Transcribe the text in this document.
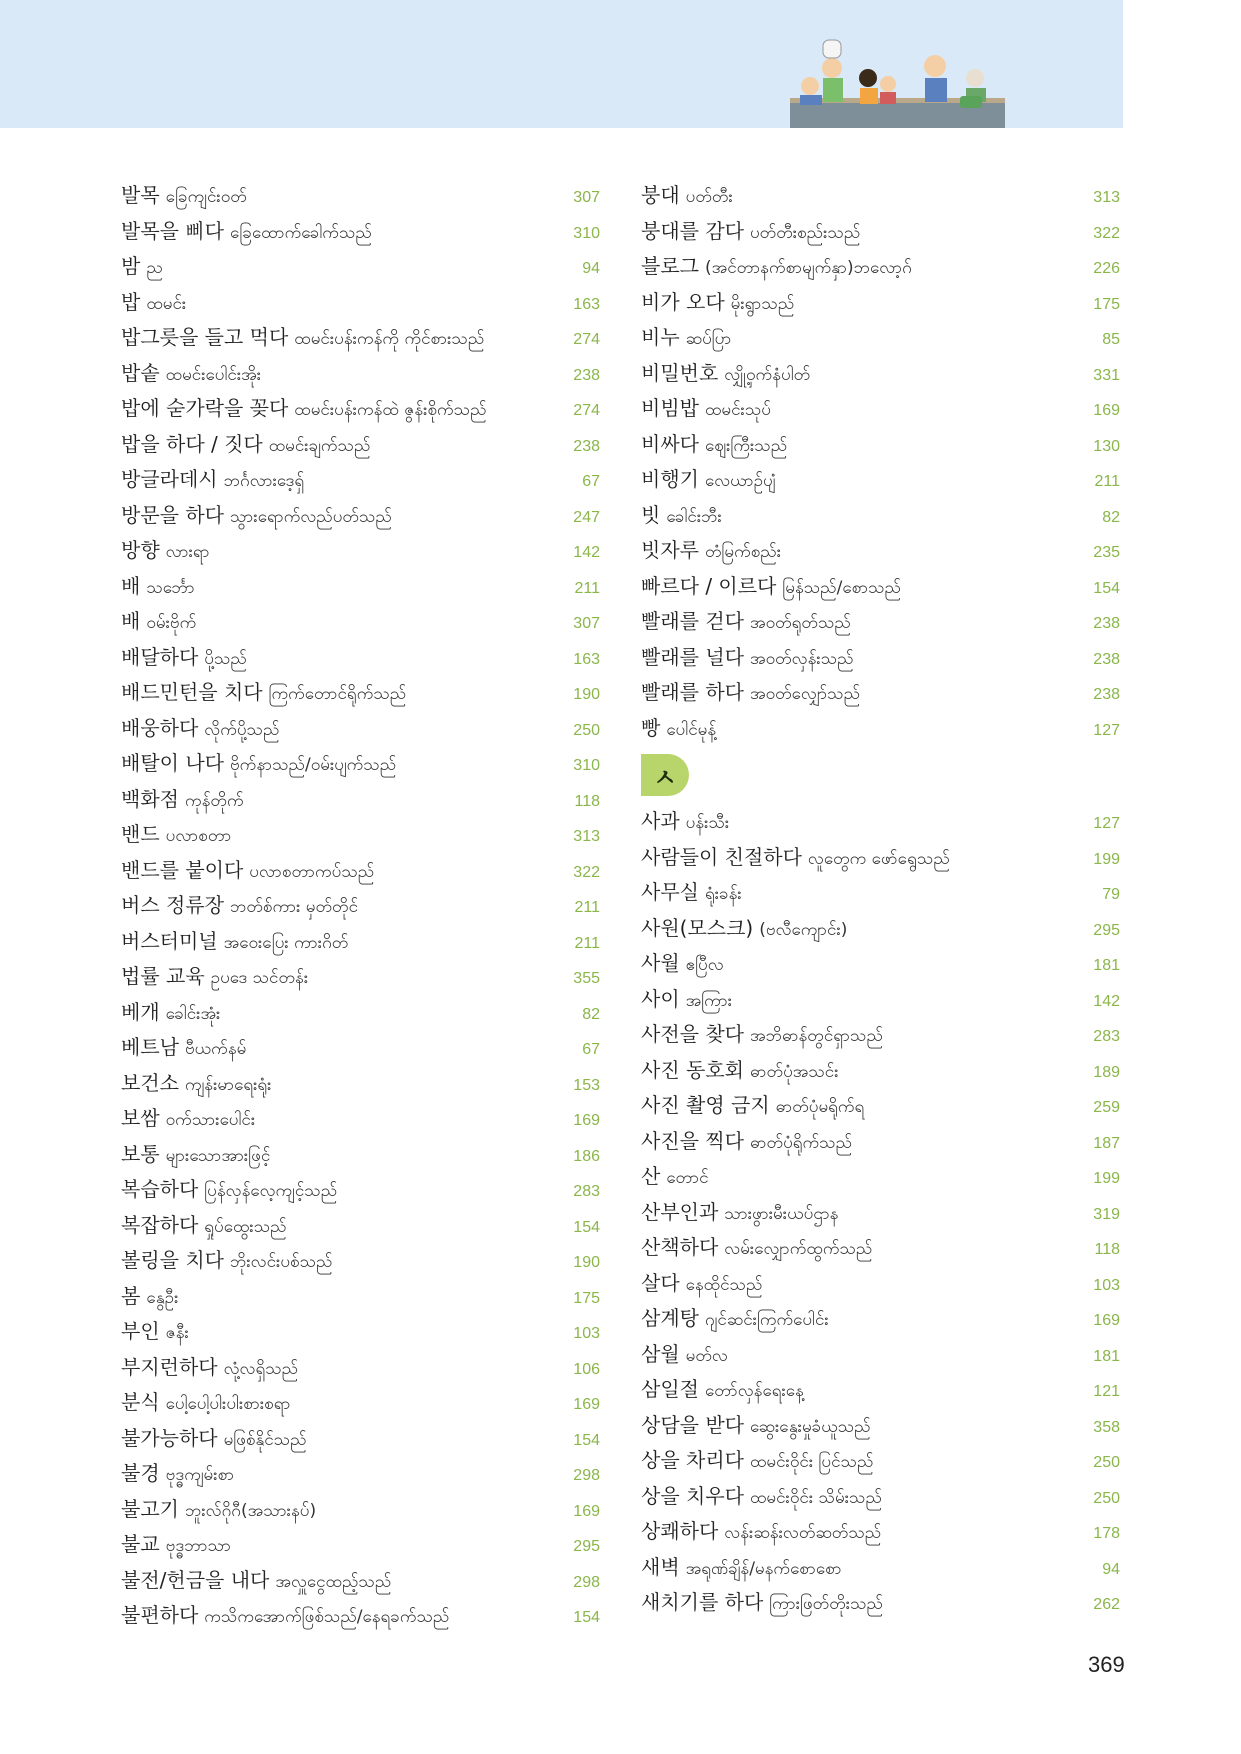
발목 ခြေကျင်းဝတ်	307
발목을 삐다 ခြေထောက်ခေါက်သည်	310
밤 ည	94
밥 ထမင်း	163
밥그릇을 들고 먹다 ထမင်းပန်းကန်ကို ကိုင်စားသည်	274
밥솥 ထမင်းပေါင်းအိုး	238
밥에 숟가락을 꽂다 ထမင်းပန်းကန်ထဲ ဇွန်းစိုက်သည်	274
밥을 하다 / 짓다 ထမင်းချက်သည်	238
방글라데시 ဘင်္ဂလားဒေ့ရှ်	67
방문을 하다 သွားရောက်လည်ပတ်သည်	247
방향 လားရာ	142
배 သင်္ဘော	211
배 ဝမ်းဗိုက်	307
배달하다 ပို့သည်	163
배드민턴을 치다 ကြက်တောင်ရိုက်သည်	190
배웅하다 လိုက်ပို့သည်	250
배탈이 나다 ဗိုက်နာသည်/ဝမ်းပျက်သည်	310
백화점 ကုန်တိုက်	118
밴드 ပလာစတာ	313
밴드를 붙이다 ပလာစတာကပ်သည်	322
버스 정류장 ဘတ်စ်ကား မှတ်တိုင်	211
버스터미널 အဝေးပြေး ကားဂိတ်	211
법률 교육 ဥပဒေ သင်တန်း	355
베개 ခေါင်းအုံး	82
베트남 ဗီယက်နမ်	67
보건소 ကျန်းမာရေးရုံး	153
보쌈 ဝက်သားပေါင်း	169
보통 များသောအားဖြင့်	186
복습하다 ပြန်လှန်လေ့ကျင့်သည်	283
복잡하다 ရှုပ်ထွေးသည်	154
볼링을 치다 ဘိုးလင်းပစ်သည်	190
봄 နွေဦး	175
부인 ဇနီး	103
부지런하다 လုံ့လရှိသည်	106
분식 ပေါ့ပေါ့ပါးပါးစားစရာ	169
불가능하다 မဖြစ်နိုင်သည်	154
불경 ဗုဒ္ဓကျမ်းစာ	298
불고기 ဘူးလ်ဂိုဂီ(အသားနပ်)	169
불교 ဗုဒ္ဓဘာသာ	295
불전/헌금을 내다 အလှူငွေထည့်သည်	298
불편하다 ကသိကအောက်ဖြစ်သည်/နေရခက်သည်	154
붕대 ပတ်တီး	313
붕대를 감다 ပတ်တီးစည်းသည်	322
블로그 (အင်တာနက်စာမျက်နှာ)ဘလော့ဂ်	226
비가 오다 မိုးရွာသည်	175
비누 ဆပ်ပြာ	85
비밀번호 လျှို့ဝှက်နံပါတ်	331
비빔밥 ထမင်းသုပ်	169
비싸다 ဈေးကြီးသည်	130
비행기 လေယာဉ်ပျံ	211
빗 ခေါင်းဘီး	82
빗자루 တံမြက်စည်း	235
빠르다 / 이르다 မြန်သည်/စောသည်	154
빨래를 걷다 အဝတ်ရုတ်သည်	238
빨래를 널다 အဝတ်လှန်းသည်	238
빨래를 하다 အဝတ်လျှော်သည်	238
빵 ပေါင်မုန့်	127
ㅅ
사과 ပန်းသီး	127
사람들이 친절하다 လူတွေက ဖော်ရွေသည်	199
사무실 ရုံးခန်း	79
사원(모스크) (ဗလီကျောင်း)	295
사월 ဧပြီလ	181
사이 အကြား	142
사전을 찾다 အဘိဓာန်တွင်ရှာသည်	283
사진 동호회 ဓာတ်ပုံအသင်း	189
사진 촬영 금지 ဓာတ်ပုံမရိုက်ရ	259
사진을 찍다 ဓာတ်ပုံရိုက်သည်	187
산 တောင်	199
산부인과 သားဖွားမီးယပ်ဌာန	319
산책하다 လမ်းလျှောက်ထွက်သည်	118
살다 နေထိုင်သည်	103
삼계탕 ဂျင်ဆင်းကြက်ပေါင်း	169
삼월 မတ်လ	181
삼일절 တော်လှန်ရေးနေ့	121
상담을 받다 ဆွေးနွေးမှုခံယူသည်	358
상을 차리다 ထမင်းဝိုင်း ပြင်သည်	250
상을 치우다 ထမင်းဝိုင်း သိမ်းသည်	250
상쾌하다 လန်းဆန်းလတ်ဆတ်သည်	178
새벽 အရုဏ်ချိန်/မနက်စောစော	94
새치기를 하다 ကြားဖြတ်တိုးသည်	262
369
